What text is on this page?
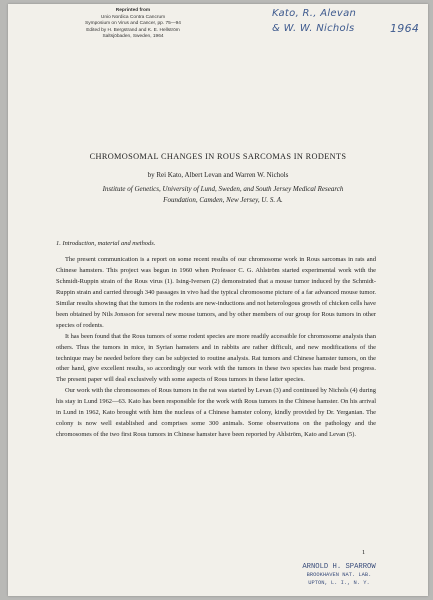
Reprinted from
Unio Nordica Contra Cancrum
Symposium on Virus and Cancer, pp. 75—94
Edited by H. Bergstrand and K. E. Hellström
Saltsjöbaden, Sweden, 1964
Kato, R., Alevan
& W. W. Nichols	1964
CHROMOSOMAL CHANGES IN ROUS SARCOMAS IN RODENTS
by Rei Kato, Albert Levan and Warren W. Nichols
Institute of Genetics, University of Lund, Sweden, and South Jersey Medical Research Foundation, Camden, New Jersey, U. S. A.

1. Introduction, material and methods.

The present communication is a report on some recent results of our chromosome work in Rous sarcomas in rats and Chinese hamsters. This project was begun in 1960 when Professor C. G. Ahlström started experimental work with the Schmidt-Ruppin strain of the Rous virus (1). Ising-Iversen (2) demonstrated that a mouse tumor induced by the Schmidt-Ruppin strain and carried through 340 passages in vivo had the typical chromosome picture of a far advanced mouse tumor. Similar results showing that the tumors in the rodents are new-inductions and not heterologous growth of chicken cells have been obtained by Nils Jonsson for several new mouse tumors, and by other members of our group for Rous tumors in other species of rodents.

It has been found that the Rous tumors of some rodent species are more readily accessible for chromosome analysis than others. Thus the tumors in mice, in Syrian hamsters and in rabbits are rather difficult, and new modifications of the technique may be needed before they can be subjected to routine analysis. Rat tumors and Chinese hamster tumors, on the other hand, give excellent results, so accordingly our work with the tumors in these two species has made best progress. The present paper will deal exclusively with some aspects of Rous tumors in these latter species.

Our work with the chromosomes of Rous tumors in the rat was started by Levan (3) and continued by Nichols (4) during his stay in Lund 1962—63. Kato has been responsible for the work with Rous tumors in the Chinese hamster. On his arrival in Lund in 1962, Kato brought with him the nucleus of a Chinese hamster colony, kindly provided by Dr. Yerganian. The colony is now well established and comprises some 300 animals. Some observations on the pathology and the chromosomes of the two first Rous tumors in Chinese hamster have been reported by Ahlström, Kato and Levan (5).

1
ARNOLD H. SPARROW
BROOKHAVEN NAT. LAB.
UPTON, L. I., N. Y.
